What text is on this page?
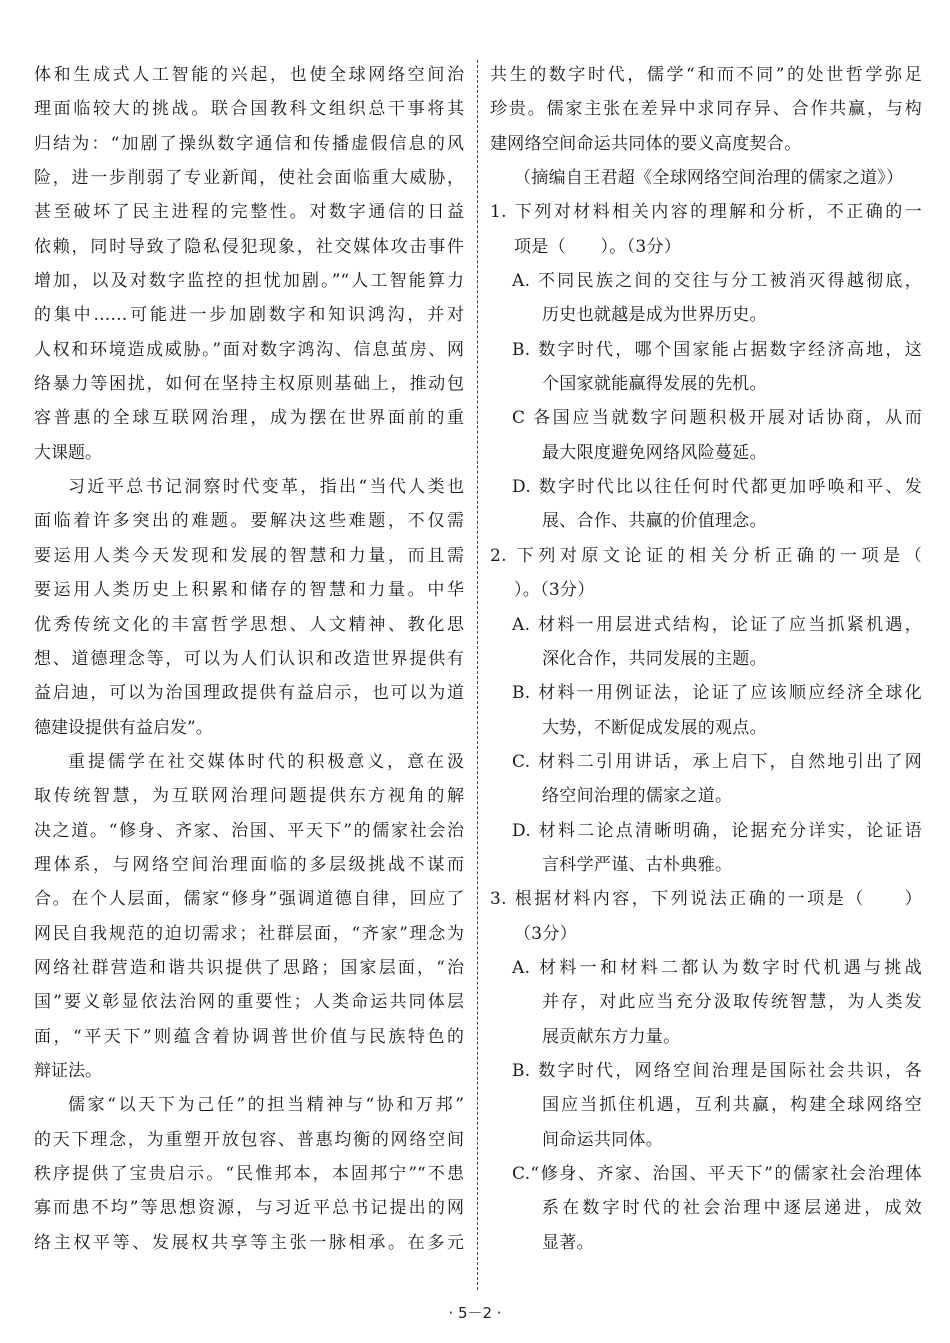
体和生成式人工智能的兴起，也使全球网络空间治
理面临较大的挑战。联合国教科文组织总干事将其
归结为：“加剧了操纵数字通信和传播虚假信息的风
险，进一步削弱了专业新闻，使社会面临重大威胁，
甚至破坏了民主进程的完整性。对数字通信的日益
依赖，同时导致了隐私侵犯现象，社交媒体攻击事件
增加，以及对数字监控的担忧加剧。”“人工智能算力
的集中……可能进一步加剧数字和知识鸿沟，并对
人权和环境造成威胁。”面对数字鸿沟、信息茧房、网
络暴力等困扰，如何在坚持主权原则基础上，推动包
容普惠的全球互联网治理，成为摆在世界面前的重
大课题。
习近平总书记洞察时代变革，指出“当代人类也
面临着许多突出的难题。要解决这些难题，不仅需
要运用人类今天发现和发展的智慧和力量，而且需
要运用人类历史上积累和储存的智慧和力量。中华
优秀传统文化的丰富哲学思想、人文精神、教化思
想、道德理念等，可以为人们认识和改造世界提供有
益启迪，可以为治国理政提供有益启示，也可以为道
德建设提供有益启发”。
重提儒学在社交媒体时代的积极意义，意在汲
取传统智慧，为互联网治理问题提供东方视角的解
决之道。“修身、齐家、治国、平天下”的儒家社会治
理体系，与网络空间治理面临的多层级挑战不谋而
合。在个人层面，儒家“修身”强调道德自律，回应了
网民自我规范的迫切需求；社群层面，“齐家”理念为
网络社群营造和谐共识提供了思路；国家层面，“治
国”要义彰显依法治网的重要性；人类命运共同体层
面，“平天下”则蕴含着协调普世价值与民族特色的
辩证法。
儒家“以天下为己任”的担当精神与“协和万邦”
的天下理念，为重塑开放包容、普惠均衡的网络空间
秩序提供了宝贵启示。“民惟邦本，本固邦宁”“不患
寡而患不均”等思想资源，与习近平总书记提出的网
络主权平等、发展权共享等主张一脉相承。在多元
共生的数字时代，儒学“和而不同”的处世哲学弥足
珍贵。儒家主张在差异中求同存异、合作共赢，与构
建网络空间命运共同体的要义高度契合。
（摘编自王君超《全球网络空间治理的儒家之道》）
1. 下列对材料相关内容的理解和分析，不正确的一
项是（　　）。（3分）
A. 不同民族之间的交往与分工被消灭得越彻底，
历史也就越是成为世界历史。
B. 数字时代，哪个国家能占据数字经济高地，这
个国家就能赢得发展的先机。
C 各国应当就数字问题积极开展对话协商，从而
最大限度避免网络风险蔓延。
D. 数字时代比以往任何时代都更加呼唤和平、发
展、合作、共赢的价值理念。
2. 下列对原文论证的相关分析正确的一项是（
）。（3分）
A. 材料一用层进式结构，论证了应当抓紧机遇，
深化合作，共同发展的主题。
B. 材料一用例证法，论证了应该顺应经济全球化
大势，不断促成发展的观点。
C. 材料二引用讲话，承上启下，自然地引出了网
络空间治理的儒家之道。
D. 材料二论点清晰明确，论据充分详实，论证语
言科学严谨、古朴典雅。
3. 根据材料内容，下列说法正确的一项是（　　）
（3分）
A. 材料一和材料二都认为数字时代机遇与挑战
并存，对此应当充分汲取传统智慧，为人类发
展贡献东方力量。
B. 数字时代，网络空间治理是国际社会共识，各
国应当抓住机遇，互利共赢，构建全球网络空
间命运共同体。
C.“修身、齐家、治国、平天下”的儒家社会治理体
系在数字时代的社会治理中逐层递进，成效
显著。
· 5－2 ·
